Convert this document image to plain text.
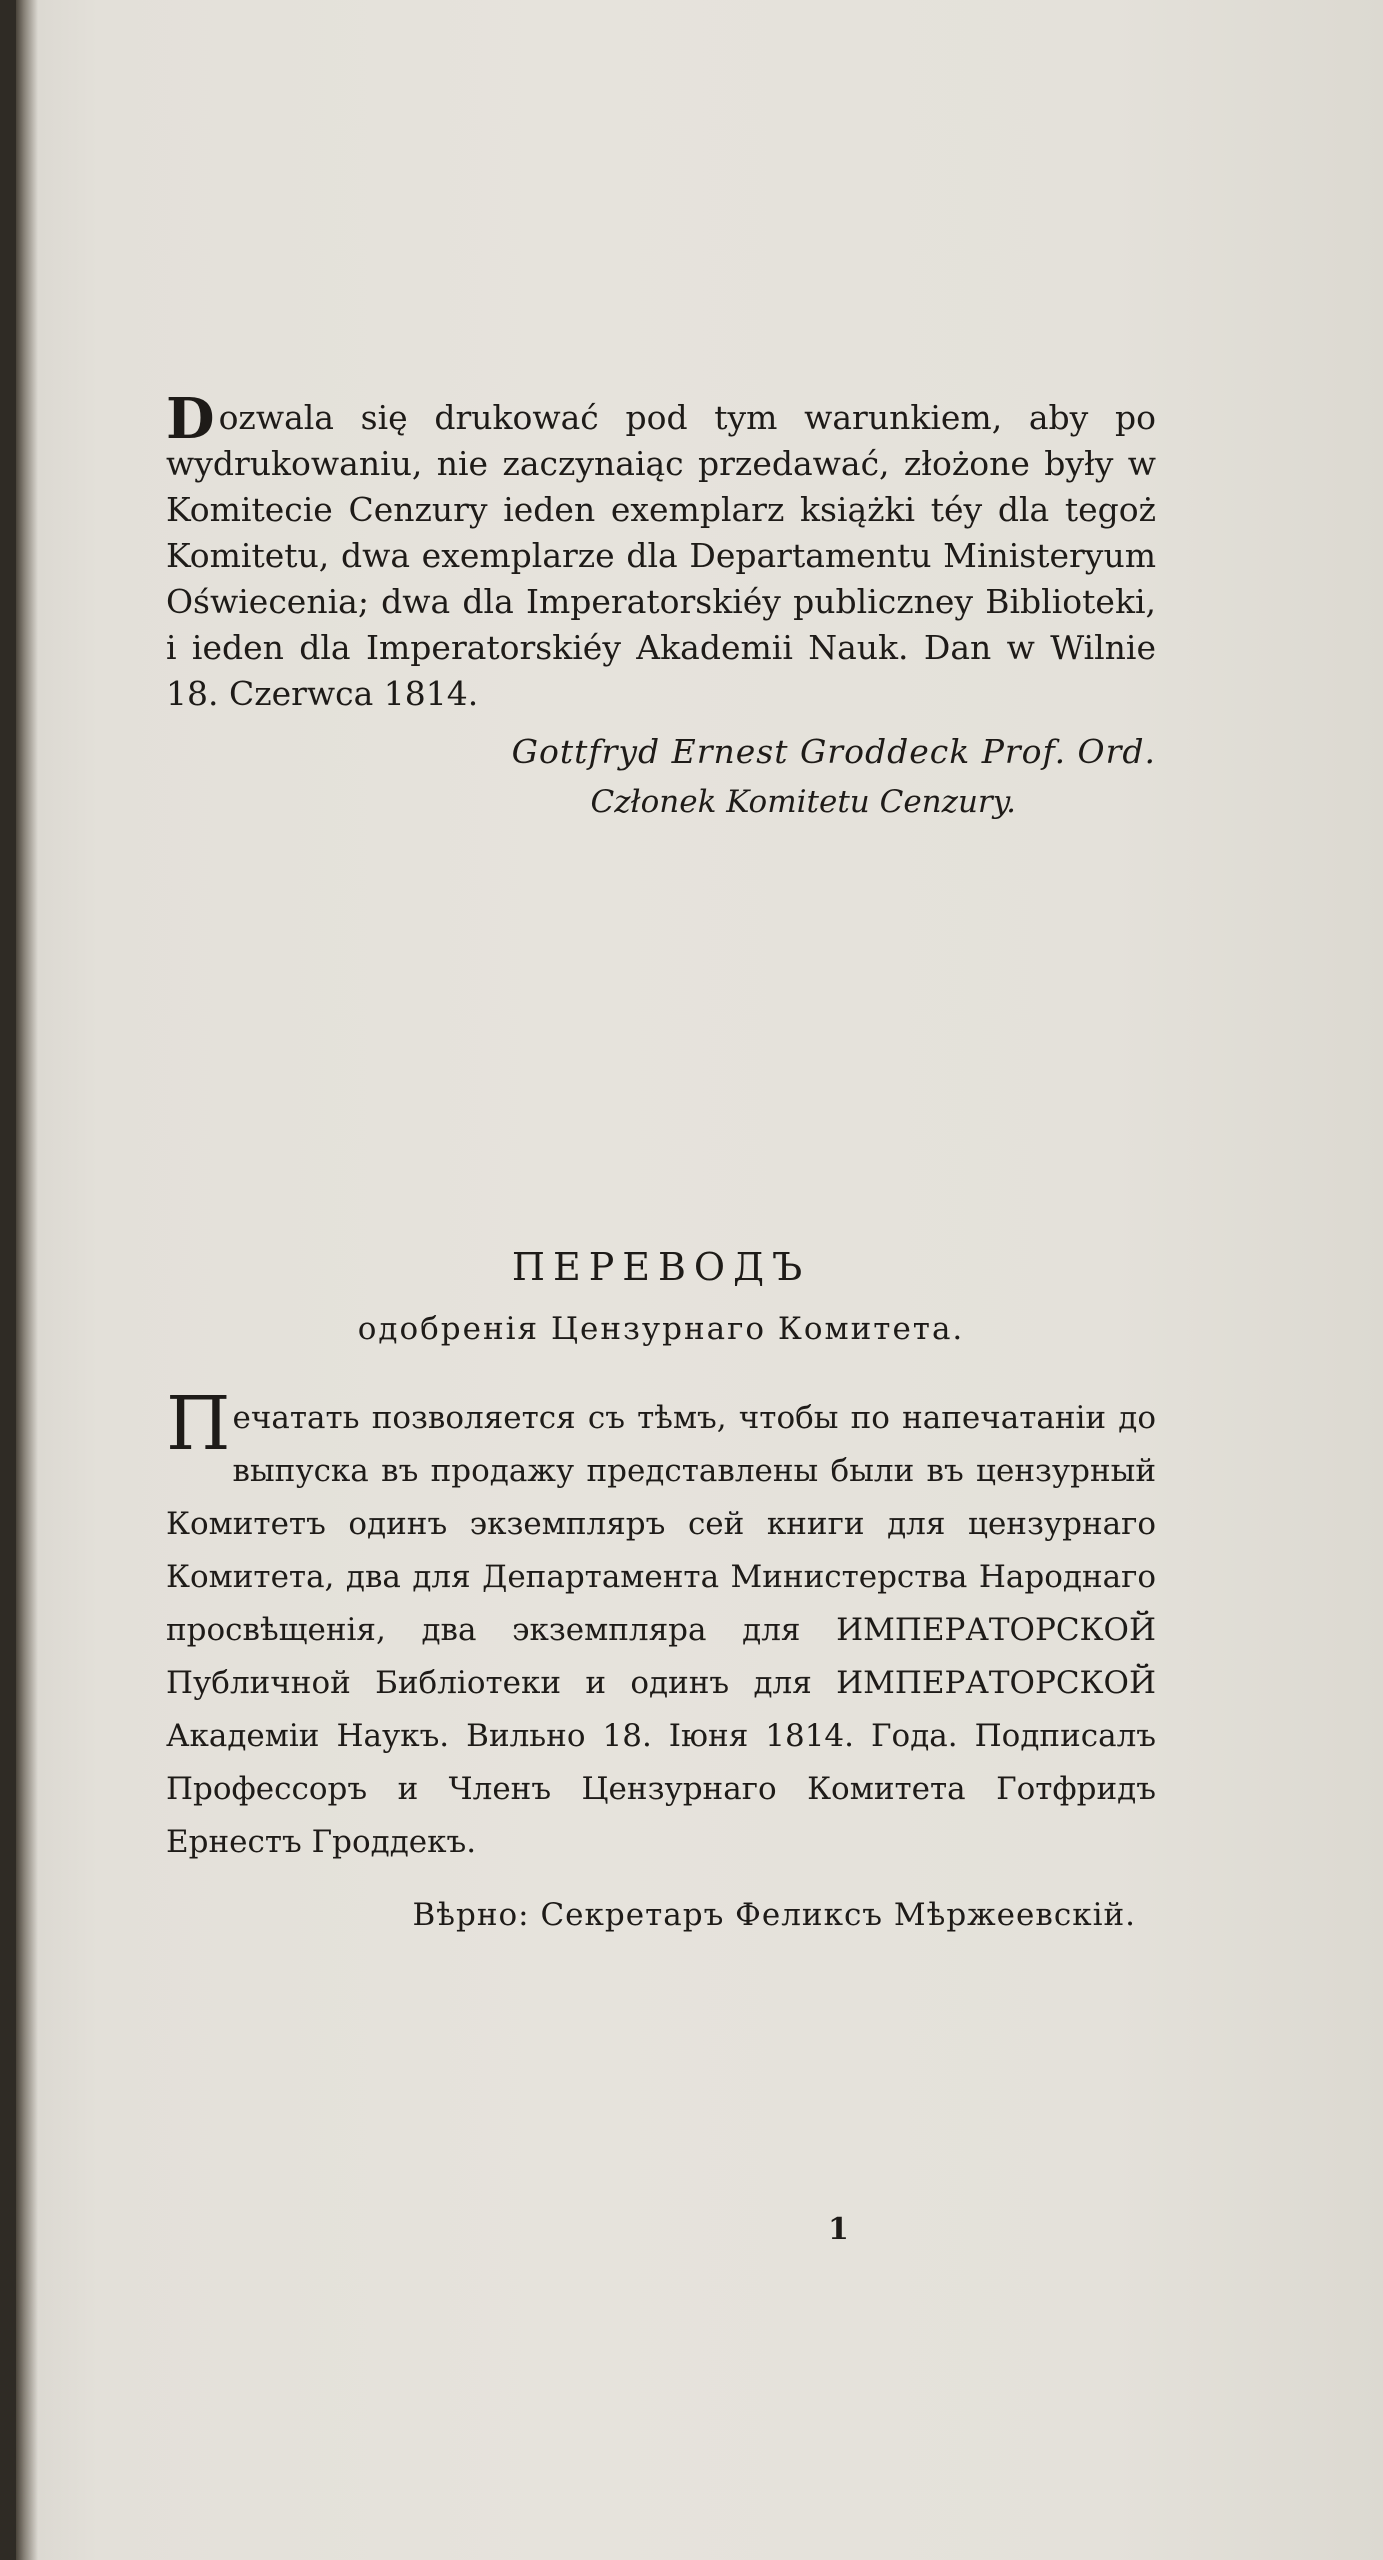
Dozwala się drukować pod tym warunkiem, aby po wydrukowaniu, nie zaczynaiąc przedawać, złożone były w Komitecie Cenzury ieden exemplarz książki téy dla tegoż Komitetu, dwa exemplarze dla Departamentu Ministeryum Oświecenia; dwa dla Imperatorskiéy publiczney Biblioteki, i ieden dla Imperatorskiéy Akademii Nauk. Dan w Wilnie 18. Czerwca 1814.

Gottfryd Ernest Groddeck Prof. Ord.

Członek Komitetu Cenzury.

ПЕРЕВОДЪ

одобренія Цензурнаго Комитета.

Печатать позволяется съ тѣмъ, чтобы по напечатаніи до выпуска въ продажу представлены были въ цензурный Комитетъ одинъ экземпляръ сей книги для цензурнаго Комитета, два для Департамента Министерства Народнаго просвѣщенія, два экземпляра для ИМПЕРАТОРСКОЙ Публичной Библіотеки и одинъ для ИМПЕРАТОРСКОЙ Академіи Наукъ. Вильно 18. Іюня 1814. Года. Подписалъ Профессоръ и Членъ Цензурнаго Комитета Готфридъ Ернестъ Гроддекъ.

Вѣрно: Секретаръ Феликсъ Мѣржеевскій.

1
